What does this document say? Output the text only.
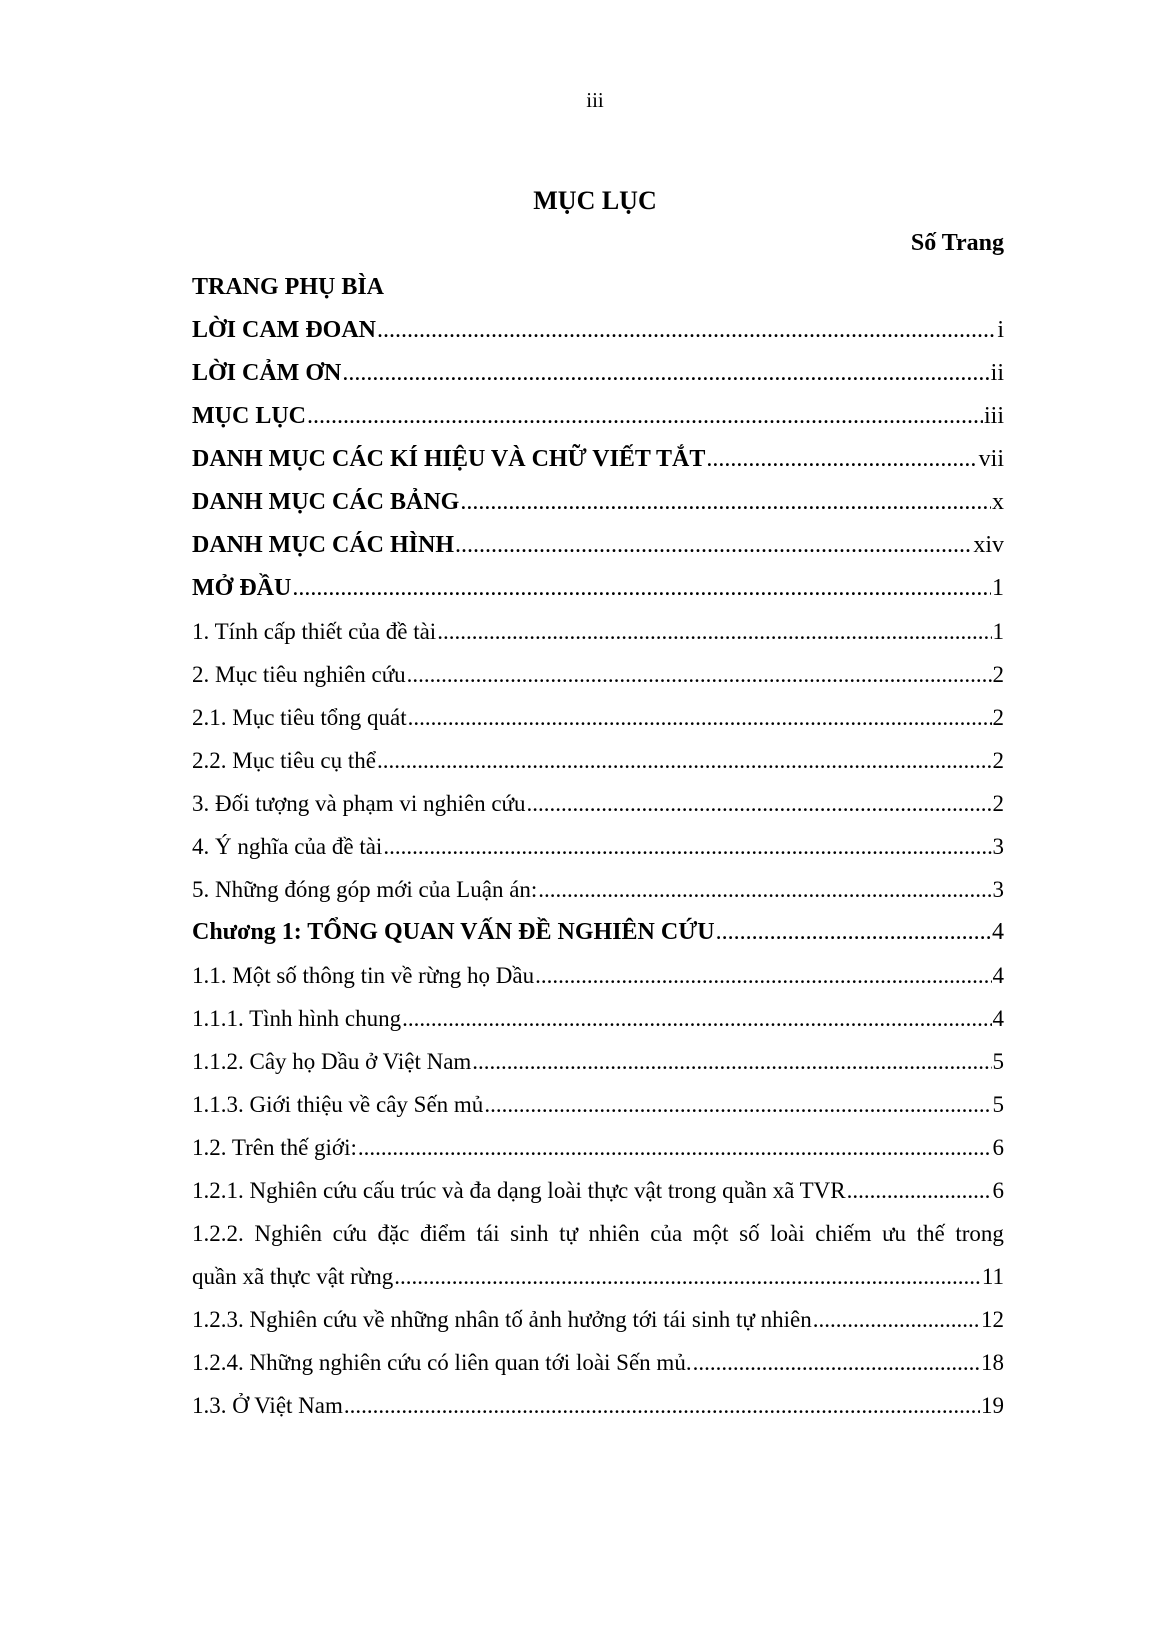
iii
MỤC LỤC
Số Trang
TRANG PHỤ BÌA
LỜI CAM ĐOAN .....	i
LỜI CẢM ƠN .....	ii
MỤC LỤC .....	iii
DANH MỤC CÁC KÍ HIỆU VÀ CHỮ VIẾT TẮT .....	vii
DANH MỤC CÁC BẢNG .....	x
DANH MỤC CÁC HÌNH .....	xiv
MỞ ĐẦU .....	1
1. Tính cấp thiết của đề tài .....	1
2. Mục tiêu nghiên cứu .....	2
2.1. Mục tiêu tổng quát .....	2
2.2. Mục tiêu cụ thể .....	2
3. Đối tượng và phạm vi nghiên cứu .....	2
4. Ý nghĩa của đề tài .....	3
5. Những đóng góp mới của Luận án: .....	3
Chương 1: TỔNG QUAN VẤN ĐỀ NGHIÊN CỨU .....	4
1.1. Một số thông tin về rừng họ Dầu .....	4
1.1.1. Tình hình chung .....	4
1.1.2. Cây họ Dầu ở Việt Nam .....	5
1.1.3. Giới thiệu về cây Sến mủ .....	5
1.2. Trên thế giới: .....	6
1.2.1. Nghiên cứu cấu trúc và đa dạng loài thực vật trong quần xã TVR .....	6
1.2.2. Nghiên cứu đặc điểm tái sinh tự nhiên của một số loài chiếm ưu thế trong
quần xã thực vật rừng .....	11
1.2.3. Nghiên cứu về những nhân tố ảnh hưởng tới tái sinh tự nhiên .....	12
1.2.4. Những nghiên cứu có liên quan tới loài Sến mủ. .....	18
1.3. Ở Việt Nam .....	19
